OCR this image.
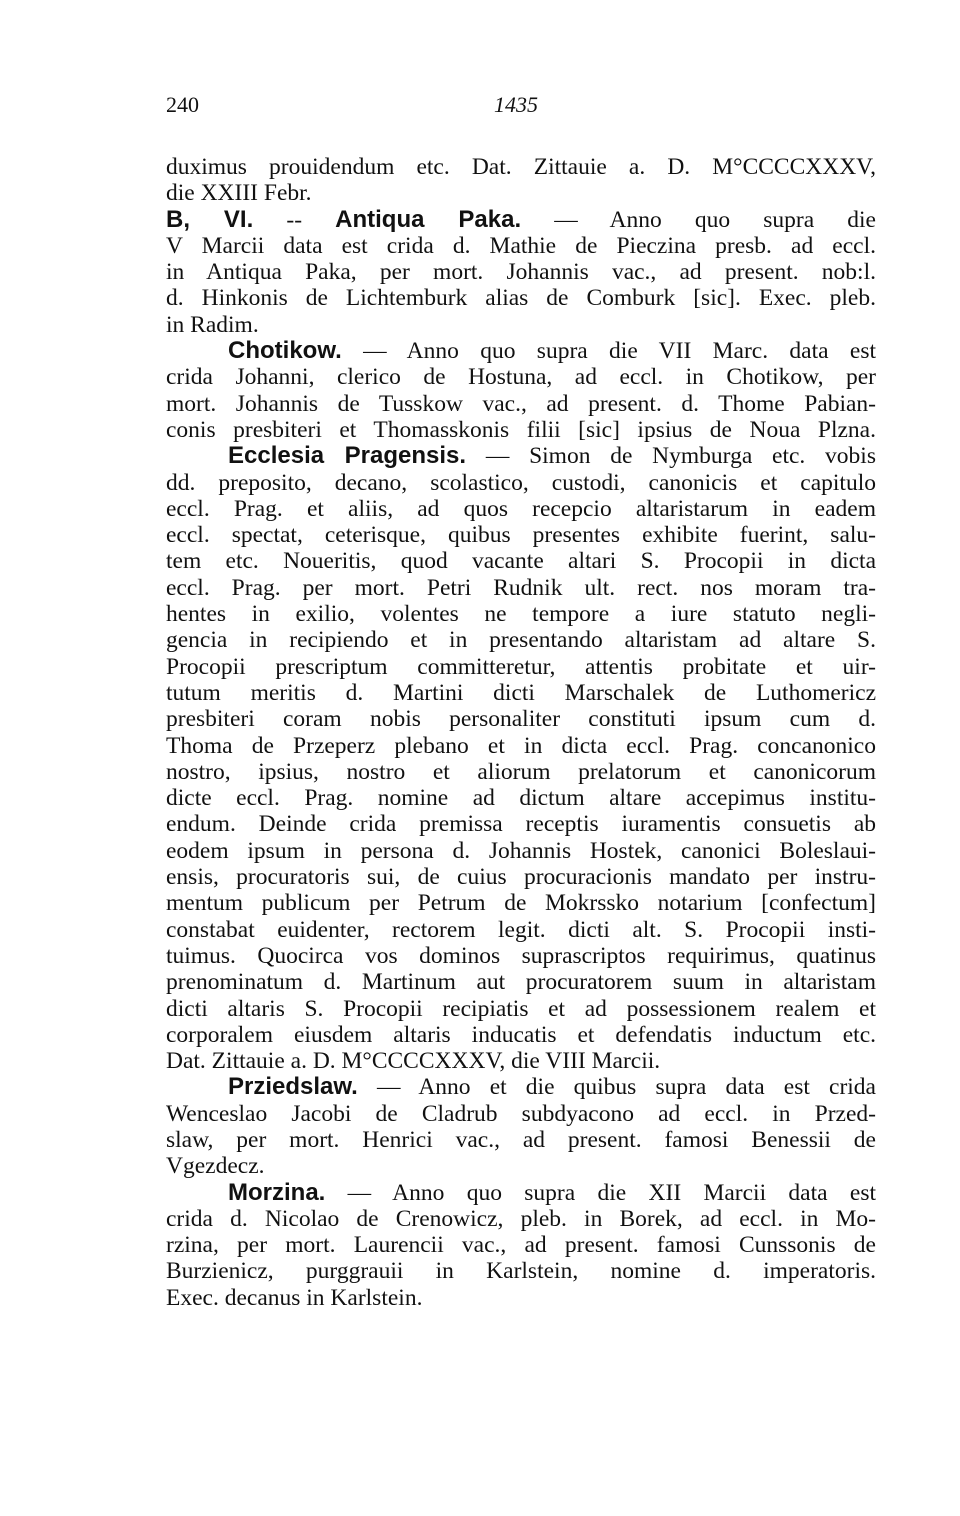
240	1435
duximus prouidendum etc. Dat. Zittauie a. D. M°CCCCXXXV,
die XXIII Febr.
B, VI. -- Antiqua Paka. — Anno quo supra die
V Marcii data est crida d. Mathie de Pieczina presb. ad eccl.
in Antiqua Paka, per mort. Johannis vac., ad present. nob:l.
d. Hinkonis de Lichtemburk alias de Comburk [sic]. Exec. pleb.
in Radim.
Chotikow. — Anno quo supra die VII Marc. data est
crida Johanni, clerico de Hostuna, ad eccl. in Chotikow, per
mort. Johannis de Tusskow vac., ad present. d. Thome Pabian-
conis presbiteri et Thomasskonis filii [sic] ipsius de Noua Plzna.
Ecclesia Pragensis. — Simon de Nymburga etc. vobis
dd. preposito, decano, scolastico, custodi, canonicis et capitulo
eccl. Prag. et aliis, ad quos recepcio altaristarum in eadem
eccl. spectat, ceterisque, quibus presentes exhibite fuerint, salu-
tem etc. Noueritis, quod vacante altari S. Procopii in dicta
eccl. Prag. per mort. Petri Rudnik ult. rect. nos moram tra-
hentes in exilio, volentes ne tempore a iure statuto negli-
gencia in recipiendo et in presentando altaristam ad altare S.
Procopii prescriptum committeretur, attentis probitate et uir-
tutum meritis d. Martini dicti Marschalek de Luthomericz
presbiteri coram nobis personaliter constituti ipsum cum d.
Thoma de Przeperz plebano et in dicta eccl. Prag. concanonico
nostro, ipsius, nostro et aliorum prelatorum et canonicorum
dicte eccl. Prag. nomine ad dictum altare accepimus institu-
endum. Deinde crida premissa receptis iuramentis consuetis ab
eodem ipsum in persona d. Johannis Hostek, canonici Boleslaui-
ensis, procuratoris sui, de cuius procuracionis mandato per instru-
mentum publicum per Petrum de Mokrssko notarium [confectum]
constabat euidenter, rectorem legit. dicti alt. S. Procopii insti-
tuimus. Quocirca vos dominos suprascriptos requirimus, quatinus
prenominatum d. Martinum aut procuratorem suum in altaristam
dicti altaris S. Procopii recipiatis et ad possessionem realem et
corporalem eiusdem altaris inducatis et defendatis inductum etc.
Dat. Zittauie a. D. M°CCCCXXXV, die VIII Marcii.
Prziedslaw. — Anno et die quibus supra data est crida
Wenceslao Jacobi de Cladrub subdyacono ad eccl. in Przed-
slaw, per mort. Henrici vac., ad present. famosi Benessii de
Vgezdecz.
Morzina. — Anno quo supra die XII Marcii data est
crida d. Nicolao de Crenowicz, pleb. in Borek, ad eccl. in Mo-
rzina, per mort. Laurencii vac., ad present. famosi Cunssonis de
Burzienicz, purggrauii in Karlstein, nomine d. imperatoris.
Exec. decanus in Karlstein.
